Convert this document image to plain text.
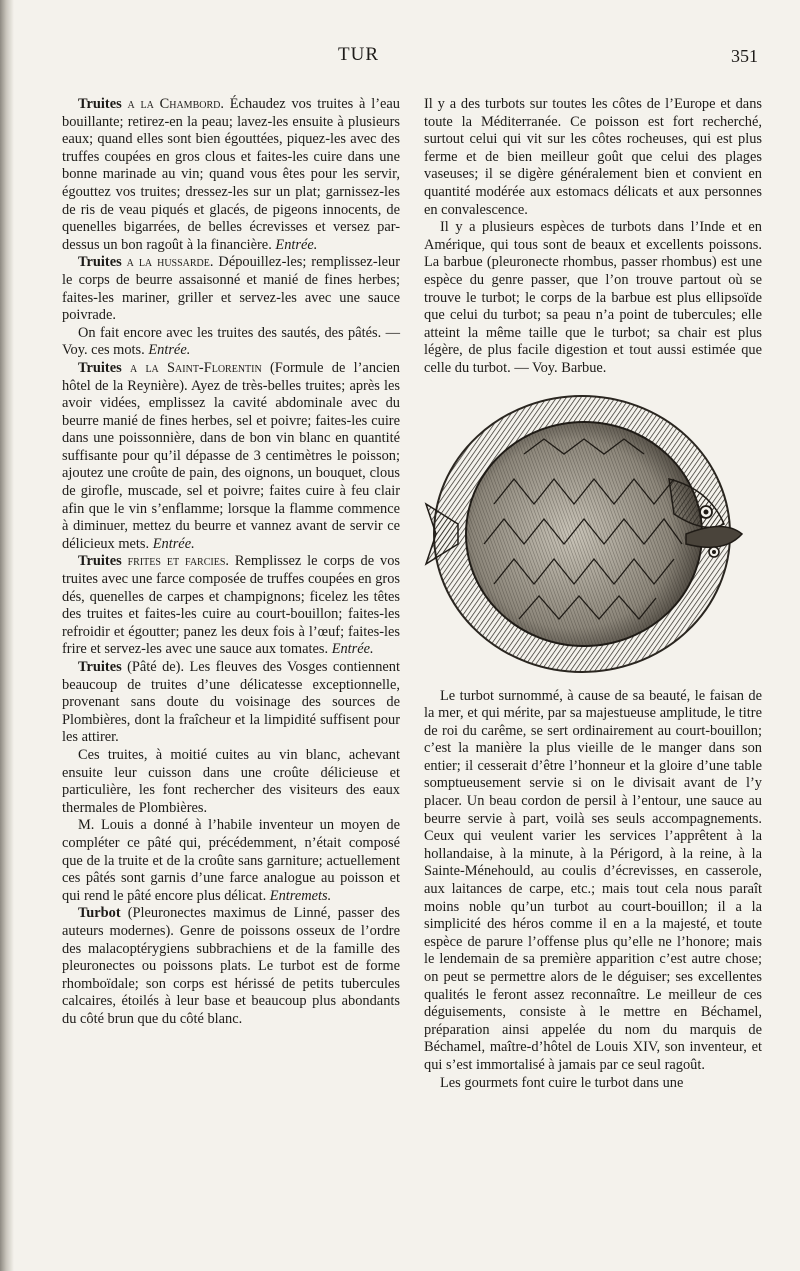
TUR	351

Truites a la Chambord. Échaudez vos truites à l’eau bouillante; retirez-en la peau; lavez-les ensuite à plusieurs eaux; quand elles sont bien égouttées, piquez-les avec des truffes coupées en gros clous et faites-les cuire dans une bonne marinade au vin; quand vous êtes pour les servir, égouttez vos truites; dressez-les sur un plat; garnissez-les de ris de veau piqués et glacés, de pigeons innocents, de quenelles bigarrées, de belles écrevisses et versez par-dessus un bon ragoût à la financière. Entrée.

Truites a la hussarde. Dépouillez-les; remplissez-leur le corps de beurre assaisonné et manié de fines herbes; faites-les mariner, griller et servez-les avec une sauce poivrade.

On fait encore avec les truites des sautés, des pâtés. — Voy. ces mots. Entrée.

Truites a la Saint-Florentin (Formule de l’ancien hôtel de la Reynière). Ayez de très-belles truites; après les avoir vidées, emplissez la cavité abdominale avec du beurre manié de fines herbes, sel et poivre; faites-les cuire dans une poissonnière, dans de bon vin blanc en quantité suffisante pour qu’il dépasse de 3 centimètres le poisson; ajoutez une croûte de pain, des oignons, un bouquet, clous de girofle, muscade, sel et poivre; faites cuire à feu clair afin que le vin s’enflamme; lorsque la flamme commence à diminuer, mettez du beurre et vannez avant de servir ce délicieux mets. Entrée.

Truites frites et farcies. Remplissez le corps de vos truites avec une farce composée de truffes coupées en gros dés, quenelles de carpes et champignons; ficelez les têtes des truites et faites-les cuire au court-bouillon; faites-les refroidir et égoutter; panez les deux fois à l’œuf; faites-les frire et servez-les avec une sauce aux tomates. Entrée.

Truites (Pâté de). Les fleuves des Vosges contiennent beaucoup de truites d’une délicatesse exceptionnelle, provenant sans doute du voisinage des sources de Plombières, dont la fraîcheur et la limpidité suffisent pour les attirer.

Ces truites, à moitié cuites au vin blanc, achevant ensuite leur cuisson dans une croûte délicieuse et particulière, les font rechercher des visiteurs des eaux thermales de Plombières.

M. Louis a donné à l’habile inventeur un moyen de compléter ce pâté qui, précédemment, n’était composé que de la truite et de la croûte sans garniture; actuellement ces pâtés sont garnis d’une farce analogue au poisson et qui rend le pâté encore plus délicat. Entremets.

Turbot (Pleuronectes maximus de Linné, passer des auteurs modernes). Genre de poissons osseux de l’ordre des malacoptérygiens subbrachiens et de la famille des pleuronectes ou poissons plats. Le turbot est de forme rhomboïdale; son corps est hérissé de petits tubercules calcaires, étoilés à leur base et beaucoup plus abondants du côté brun que du côté blanc.

Il y a des turbots sur toutes les côtes de l’Europe et dans toute la Méditerranée. Ce poisson est fort recherché, surtout celui qui vit sur les côtes rocheuses, qui est plus ferme et de bien meilleur goût que celui des plages vaseuses; il se digère généralement bien et convient en quantité modérée aux estomacs délicats et aux personnes en convalescence.

Il y a plusieurs espèces de turbots dans l’Inde et en Amérique, qui tous sont de beaux et excellents poissons. La barbue (pleuronecte rhombus, passer rhombus) est une espèce du genre passer, que l’on trouve partout où se trouve le turbot; le corps de la barbue est plus ellipsoïde que celui du turbot; sa peau n’a point de tubercules; elle atteint la même taille que le turbot; sa chair est plus légère, de plus facile digestion et tout aussi estimée que celle du turbot. — Voy. Barbue.

Le turbot surnommé, à cause de sa beauté, le faisan de la mer, et qui mérite, par sa majestueuse amplitude, le titre de roi du carême, se sert ordinairement au court-bouillon; c’est la manière la plus vieille de le manger dans son entier; il cesserait d’être l’honneur et la gloire d’une table somptueusement servie si on le divisait avant de l’y placer. Un beau cordon de persil à l’entour, une sauce au beurre servie à part, voilà ses seuls accompagnements. Ceux qui veulent varier les services l’apprêtent à la hollandaise, à la minute, à la Périgord, à la reine, à la Sainte-Ménehould, au coulis d’écrevisses, en casserole, aux laitances de carpe, etc.; mais tout cela nous paraît moins noble qu’un turbot au court-bouillon; il a la simplicité des héros comme il en a la majesté, et toute espèce de parure l’offense plus qu’elle ne l’honore; mais le lendemain de sa première apparition c’est autre chose; on peut se permettre alors de le déguiser; ses excellentes qualités le feront assez reconnaître. Le meilleur de ces déguisements, consiste à le mettre en Béchamel, préparation ainsi appelée du nom du marquis de Béchamel, maître-d’hôtel de Louis XIV, son inventeur, et qui s’est immortalisé à jamais par ce seul ragoût.

Les gourmets font cuire le turbot dans une
